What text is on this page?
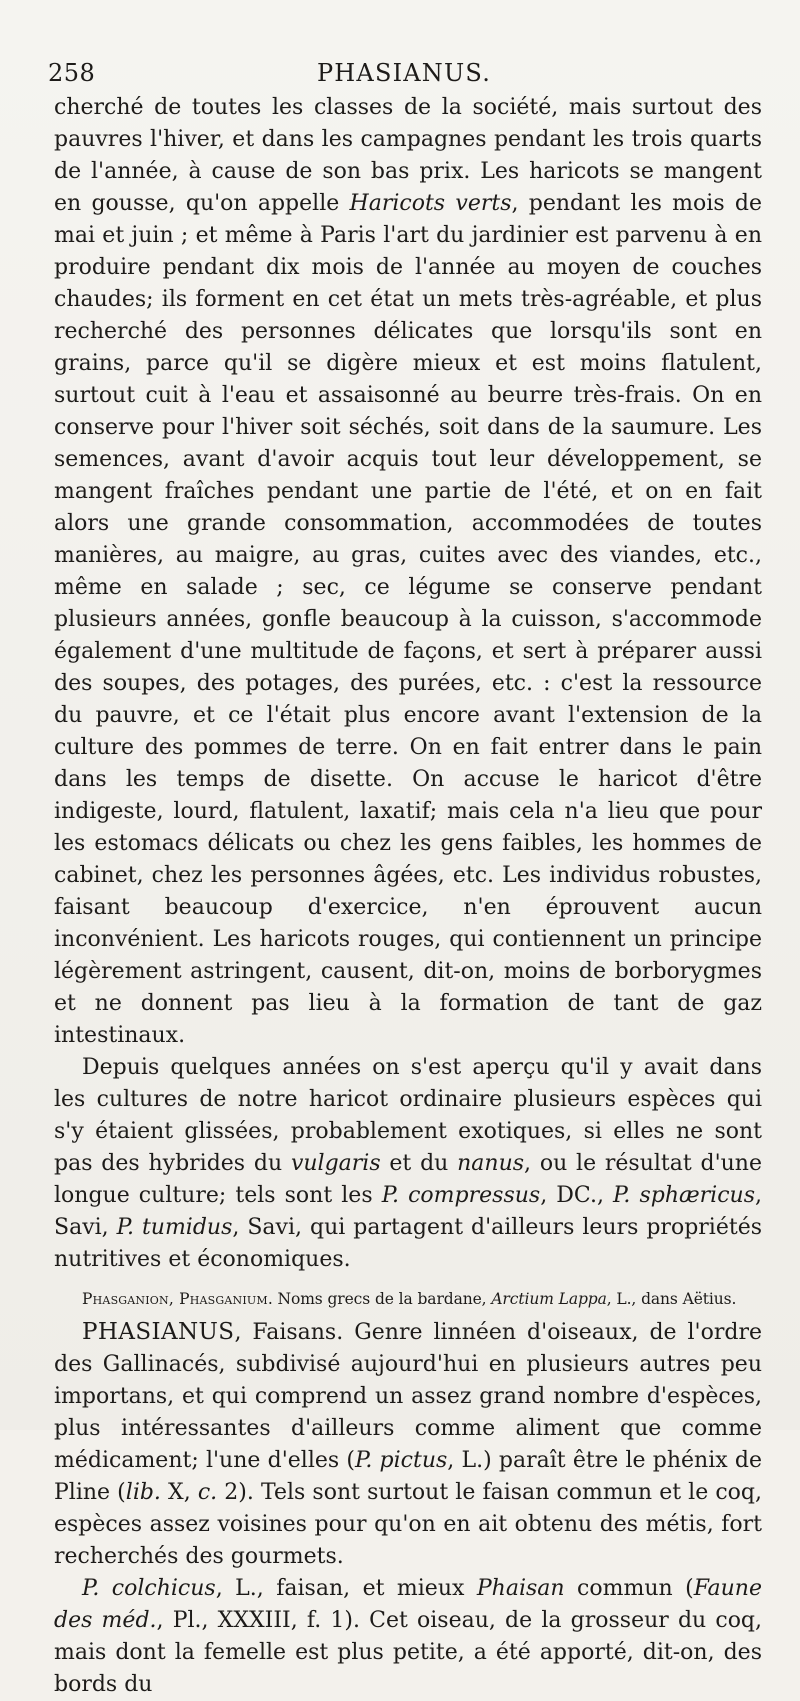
258	PHASIANUS.

cherché de toutes les classes de la société, mais surtout des pauvres l'hiver, et dans les campagnes pendant les trois quarts de l'année, à cause de son bas prix. Les haricots se mangent en gousse, qu'on appelle Haricots verts, pendant les mois de mai et juin ; et même à Paris l'art du jardinier est parvenu à en produire pendant dix mois de l'année au moyen de couches chaudes; ils forment en cet état un mets très-agréable, et plus recherché des personnes délicates que lorsqu'ils sont en grains, parce qu'il se digère mieux et est moins flatulent, surtout cuit à l'eau et assaisonné au beurre très-frais. On en conserve pour l'hiver soit séchés, soit dans de la saumure. Les semences, avant d'avoir acquis tout leur développement, se mangent fraîches pendant une partie de l'été, et on en fait alors une grande consommation, accommodées de toutes manières, au maigre, au gras, cuites avec des viandes, etc., même en salade ; sec, ce légume se conserve pendant plusieurs années, gonfle beaucoup à la cuisson, s'accommode également d'une multitude de façons, et sert à préparer aussi des soupes, des potages, des purées, etc. : c'est la ressource du pauvre, et ce l'était plus encore avant l'extension de la culture des pommes de terre. On en fait entrer dans le pain dans les temps de disette. On accuse le haricot d'être indigeste, lourd, flatulent, laxatif; mais cela n'a lieu que pour les estomacs délicats ou chez les gens faibles, les hommes de cabinet, chez les personnes âgées, etc. Les individus robustes, faisant beaucoup d'exercice, n'en éprouvent aucun inconvénient. Les haricots rouges, qui contiennent un principe légèrement astringent, causent, dit-on, moins de borborygmes et ne donnent pas lieu à la formation de tant de gaz intestinaux.

Depuis quelques années on s'est aperçu qu'il y avait dans les cultures de notre haricot ordinaire plusieurs espèces qui s'y étaient glissées, probablement exotiques, si elles ne sont pas des hybrides du vulgaris et du nanus, ou le résultat d'une longue culture; tels sont les P. compressus, DC., P. sphæricus, Savi, P. tumidus, Savi, qui partagent d'ailleurs leurs propriétés nutritives et économiques.

Phasganion, Phasganium. Noms grecs de la bardane, Arctium Lappa, L., dans Aëtius.

PHASIANUS, Faisans. Genre linnéen d'oiseaux, de l'ordre des Gallinacés, subdivisé aujourd'hui en plusieurs autres peu importans, et qui comprend un assez grand nombre d'espèces, plus intéressantes d'ailleurs comme aliment que comme médicament; l'une d'elles (P. pictus, L.) paraît être le phénix de Pline (lib. X, c. 2). Tels sont surtout le faisan commun et le coq, espèces assez voisines pour qu'on en ait obtenu des métis, fort recherchés des gourmets.

P. colchicus, L., faisan, et mieux Phaisan commun (Faune des méd., Pl., XXXIII, f. 1). Cet oiseau, de la grosseur du coq, mais dont la femelle est plus petite, a été apporté, dit-on, des bords du
